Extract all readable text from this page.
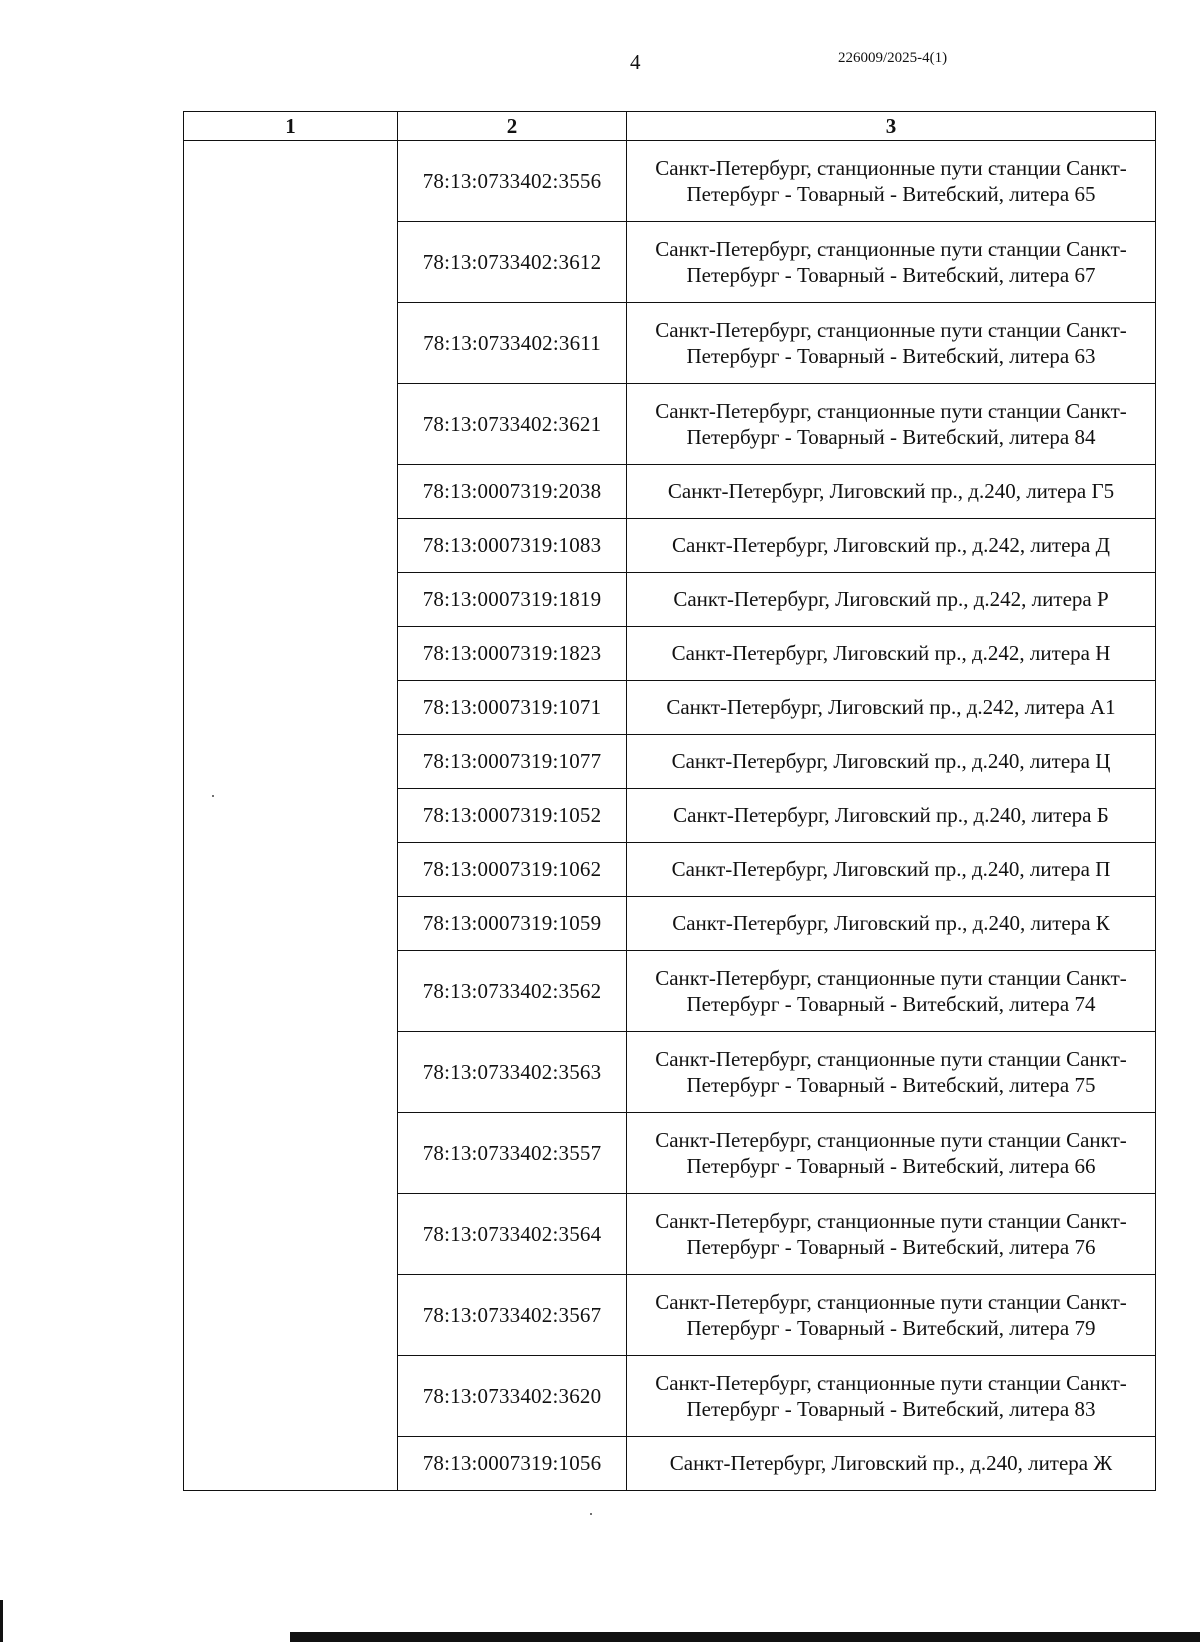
4	226009/2025-4(1)
1	2	3
	78:13:0733402:3556	Санкт-Петербург, станционные пути станции Санкт-Петербург - Товарный - Витебский, литера 65
	78:13:0733402:3612	Санкт-Петербург, станционные пути станции Санкт-Петербург - Товарный - Витебский, литера 67
	78:13:0733402:3611	Санкт-Петербург, станционные пути станции Санкт-Петербург - Товарный - Витебский, литера 63
	78:13:0733402:3621	Санкт-Петербург, станционные пути станции Санкт-Петербург - Товарный - Витебский, литера 84
	78:13:0007319:2038	Санкт-Петербург, Лиговский пр., д.240, литера Г5
	78:13:0007319:1083	Санкт-Петербург, Лиговский пр., д.242, литера Д
	78:13:0007319:1819	Санкт-Петербург, Лиговский пр., д.242, литера Р
	78:13:0007319:1823	Санкт-Петербург, Лиговский пр., д.242, литера Н
	78:13:0007319:1071	Санкт-Петербург, Лиговский пр., д.242, литера А1
	78:13:0007319:1077	Санкт-Петербург, Лиговский пр., д.240, литера Ц
	78:13:0007319:1052	Санкт-Петербург, Лиговский пр., д.240, литера Б
	78:13:0007319:1062	Санкт-Петербург, Лиговский пр., д.240, литера П
	78:13:0007319:1059	Санкт-Петербург, Лиговский пр., д.240, литера К
	78:13:0733402:3562	Санкт-Петербург, станционные пути станции Санкт-Петербург - Товарный - Витебский, литера 74
	78:13:0733402:3563	Санкт-Петербург, станционные пути станции Санкт-Петербург - Товарный - Витебский, литера 75
	78:13:0733402:3557	Санкт-Петербург, станционные пути станции Санкт-Петербург - Товарный - Витебский, литера 66
	78:13:0733402:3564	Санкт-Петербург, станционные пути станции Санкт-Петербург - Товарный - Витебский, литера 76
	78:13:0733402:3567	Санкт-Петербург, станционные пути станции Санкт-Петербург - Товарный - Витебский, литера 79
	78:13:0733402:3620	Санкт-Петербург, станционные пути станции Санкт-Петербург - Товарный - Витебский, литера 83
	78:13:0007319:1056	Санкт-Петербург, Лиговский пр., д.240, литера Ж
